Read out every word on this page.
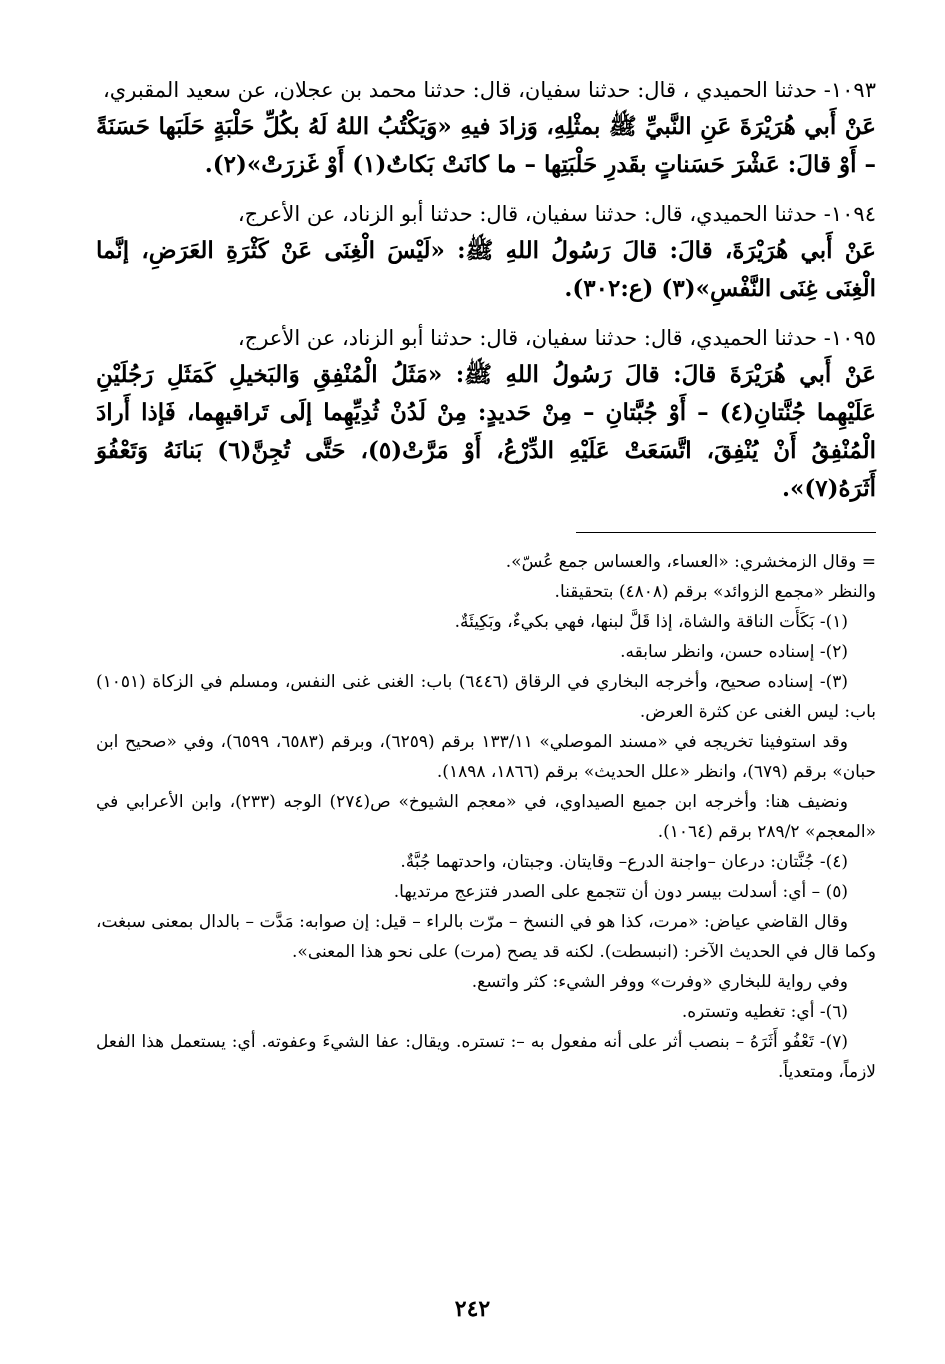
١٠٩٣- حدثنا الحميدي ، قال: حدثنا سفيان، قال: حدثنا محمد بن عجلان، عن سعيد المقبري،

عَنْ أَبي هُرَيْرَةَ عَنِ النَّبيِّ ﷺ بمثْلِهِ، وَزادَ فيهِ «وَيَكْتُبُ اللهُ لَهُ بكُلِّ حَلْبَةٍ حَلَبَها حَسَنَةً – أَوْ قالَ: عَشْرَ حَسَناتٍ بقَدرِ حَلْبَتِها – ما كانَتْ بَكاتٌ(١) أَوْ غَزرَتْ»(٢).

١٠٩٤- حدثنا الحميدي، قال: حدثنا سفيان، قال: حدثنا أبو الزناد، عن الأعرج،

عَنْ أَبي هُرَيْرَةَ، قالَ: قالَ رَسُولُ اللهِ ﷺ: «لَيْسَ الْغِنَى عَنْ كَثْرَةِ العَرَضِ، إنَّما الْغِنَى غِنَى النَّفْسِ»(٣) (ع:٣٠٢).

١٠٩٥- حدثنا الحميدي، قال: حدثنا سفيان، قال: حدثنا أبو الزناد، عن الأعرج،

عَنْ أَبي هُرَيْرَةَ قالَ: قالَ رَسُولُ اللهِ ﷺ: «مَثَلُ الْمُنْفِقِ وَالبَخيلِ كَمَثَلِ رَجُلَيْنِ عَلَيْهِما جُنَّتانِ(٤) – أَوْ جُبَّتانِ – مِنْ حَديدٍ: مِنْ لَدُنْ ثُدِيِّهِما إلَى تَراقيهِما، فَإذا أَرادَ الْمُنْفِقُ أَنْ يُنْفِقَ، اتَّسَعَتْ عَلَيْهِ الدِّرْعُ، أَوْ مَرَّتْ(٥)، حَتَّى تُجِنَّ(٦) بَنانَهُ وَتَعْفُوَ أَثَرَهُ(٧)».

= وقال الزمخشري: «العساء، والعساس جمع عُسّ».

والنظر «مجمع الزوائد» برقم (٤٨٠٨) بتحقيقنا.

(١)- بَكَأَت الناقة والشاة، إذا قَلَّ لبنها، فهي بكيءٌ، وبَكِيئَةٌ.

(٢)- إسناده حسن، وانظر سابقه.

(٣)- إسناده صحيح، وأخرجه البخاري في الرقاق (٦٤٤٦) باب: الغنى غنى النفس، ومسلم في الزكاة (١٠٥١) باب: ليس الغنى عن كثرة العرض.

وقد استوفينا تخريجه في «مسند الموصلي» ١٣٣/١١ برقم (٦٢٥٩)، وبرقم (٦٥٨٣، ٦٥٩٩)، وفي «صحيح ابن حبان» برقم (٦٧٩)، وانظر «علل الحديث» برقم (١٨٦٦، ١٨٩٨).

ونضيف هنا: وأخرجه ابن جميع الصيداوي، في «معجم الشيوخ» ص(٢٧٤) الوجه (٢٣٣)، وابن الأعرابي في «المعجم» ٢٨٩/٢ برقم (١٠٦٤).

(٤)- جُنَّتان: درعان –واجنة الدرع– وقايتان. وجبتان، واحدتهما جُبَّةٌ.

(٥) – أي: أسدلت بيسر دون أن تتجمع على الصدر فتزعج مرتديها.

وقال القاضي عياض: «مرت، كذا هو في النسخ – مرّت بالراء – قيل: إن صوابه: مَدَّت – بالدال بمعنى سبغت، وكما قال في الحديث الآخر: (انبسطت). لكنه قد يصح (مرت) على نحو هذا المعنى».

وفي رواية للبخاري «وفرت» ووفر الشيء: كثر واتسع.

(٦)- أي: تغطيه وتستره.

(٧)- تَعْفُو أَثَرَهُ – بنصب أثر على أنه مفعول به –: تستره. ويقال: عفا الشيءَ وعفوته. أي: يستعمل هذا الفعل لازماً، ومتعدياً.

٢٤٢
